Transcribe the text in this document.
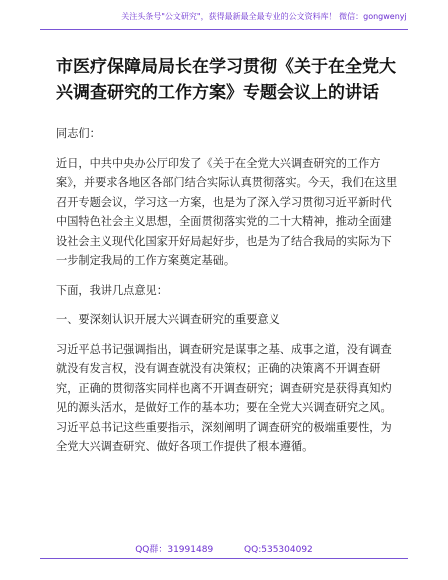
关注头条号"公文研究"，获得最新最全最专业的公文资料库！ 微信：gongwenyj
市医疗保障局局长在学习贯彻《关于在全党大兴调查研究的工作方案》专题会议上的讲话

同志们：

近日，中共中央办公厅印发了《关于在全党大兴调查研究的工作方案》，并要求各地区各部门结合实际认真贯彻落实。今天，我们在这里召开专题会议，学习这一方案，也是为了深入学习贯彻习近平新时代中国特色社会主义思想，全面贯彻落实党的二十大精神，推动全面建设社会主义现代化国家开好局起好步，也是为了结合我局的实际为下一步制定我局的工作方案奠定基础。

下面，我讲几点意见：

一、要深刻认识开展大兴调查研究的重要意义

习近平总书记强调指出，调查研究是谋事之基、成事之道，没有调查就没有发言权，没有调查就没有决策权；正确的决策离不开调查研究，正确的贯彻落实同样也离不开调查研究；调查研究是获得真知灼见的源头活水，是做好工作的基本功；要在全党大兴调查研究之风。习近平总书记这些重要指示，深刻阐明了调查研究的极端重要性，为全党大兴调查研究、做好各项工作提供了根本遵循。

QQ群：31991489	QQ:535304092
